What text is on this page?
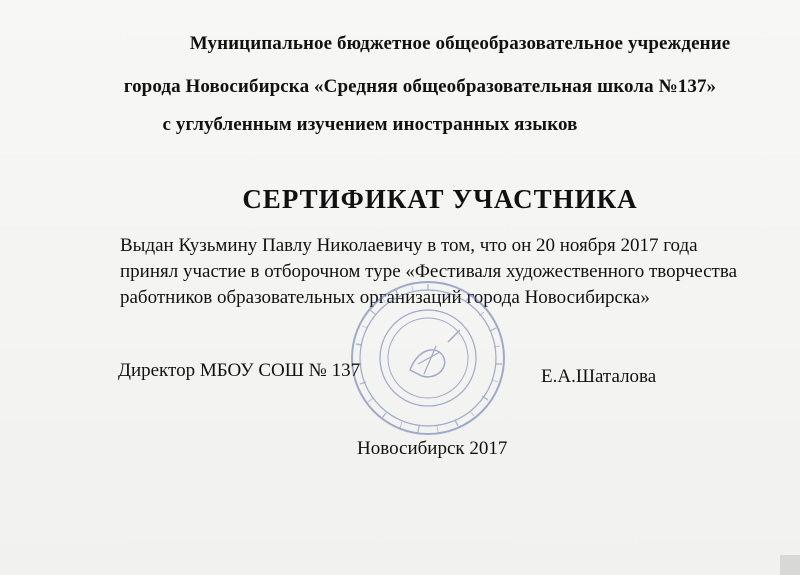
Муниципальное бюджетное общеобразовательное учреждение
города Новосибирска «Средняя общеобразовательная школа №137»
с углубленным изучением иностранных языков
СЕРТИФИКАТ УЧАСТНИКА
Выдан Кузьмину Павлу Николаевичу в том, что он 20 ноября 2017 года
принял участие в отборочном туре «Фестиваля художественного творчества
работников образовательных организаций города Новосибирска»
Директор МБОУ СОШ № 137	Е.А.Шаталова
Новосибирск 2017
